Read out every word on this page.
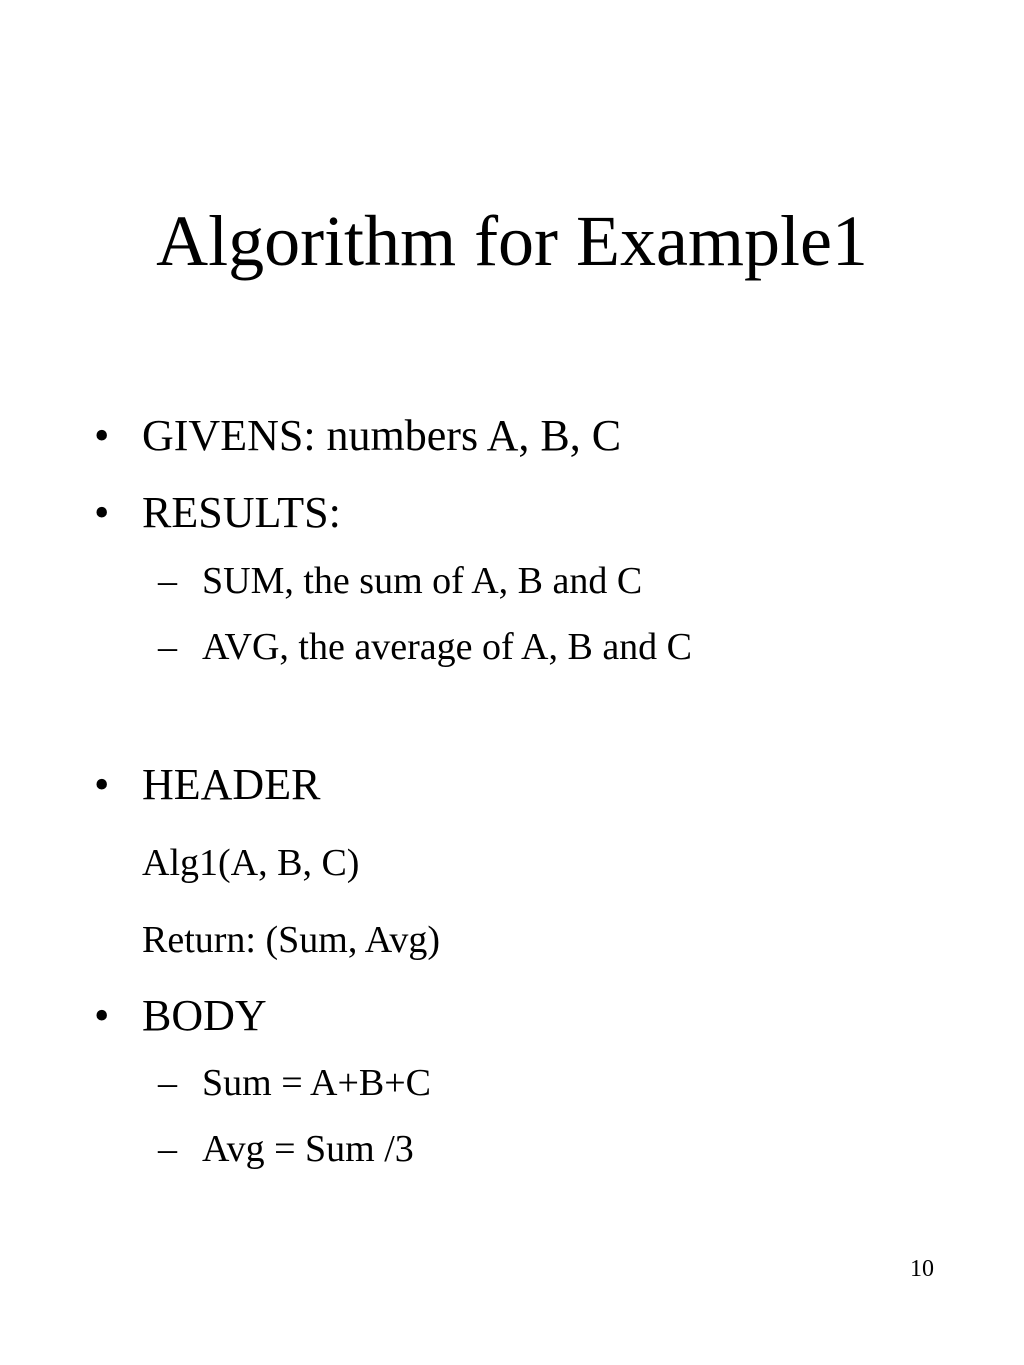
Algorithm for Example1
• GIVENS: numbers A, B, C
• RESULTS:
– SUM, the sum of A, B and C
– AVG, the average of A, B and C
• HEADER
Alg1(A, B, C)
Return: (Sum, Avg)
• BODY
– Sum = A+B+C
– Avg = Sum /3
10
